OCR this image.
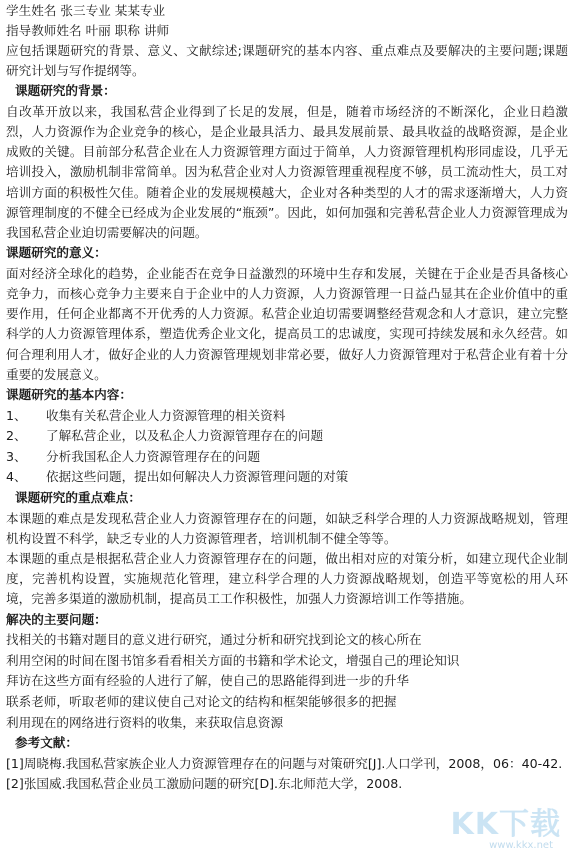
学生姓名 张三专业 某某专业
指导教师姓名 叶丽 职称 讲师
应包括课题研究的背景、意义、文献综述;课题研究的基本内容、重点难点及要解决的主要问题;课题研究计划与写作提纲等。
课题研究的背景：
自改革开放以来，我国私营企业得到了长足的发展，但是，随着市场经济的不断深化，企业日趋激烈，人力资源作为企业竞争的核心，是企业最具活力、最具发展前景、最具收益的战略资源，是企业成败的关键。目前部分私营企业在人力资源管理方面过于简单，人力资源管理机构形同虚设，几乎无培训投入，激励机制非常简单。因为私营企业对人力资源管理重视程度不够，员工流动性大，员工对培训方面的积极性欠佳。随着企业的发展规模越大，企业对各种类型的人才的需求逐渐增大，人力资源管理制度的不健全已经成为企业发展的“瓶颈”。因此，如何加强和完善私营企业人力资源管理成为我国私营企业迫切需要解决的问题。
课题研究的意义：
面对经济全球化的趋势，企业能否在竞争日益激烈的环境中生存和发展，关键在于企业是否具备核心竞争力，而核心竞争力主要来自于企业中的人力资源，人力资源管理一日益凸显其在企业价值中的重要作用，任何企业都离不开优秀的人力资源。私营企业迫切需要调整经营观念和人才意识，建立完整科学的人力资源管理体系，塑造优秀企业文化，提高员工的忠诚度，实现可持续发展和永久经营。如何合理利用人才，做好企业的人力资源管理规划非常必要，做好人力资源管理对于私营企业有着十分重要的发展意义。
课题研究的基本内容：
1、 收集有关私营企业人力资源管理的相关资料
2、 了解私营企业，以及私企人力资源管理存在的问题
3、 分析我国私企人力资源管理存在的问题
4、 依据这些问题，提出如何解决人力资源管理问题的对策
课题研究的重点难点：
本课题的难点是发现私营企业人力资源管理存在的问题，如缺乏科学合理的人力资源战略规划，管理机构设置不科学，缺乏专业的人力资源管理者，培训机制不健全等等。
本课题的重点是根据私营企业人力资源管理存在的问题，做出相对应的对策分析，如建立现代企业制度，完善机构设置，实施规范化管理，建立科学合理的人力资源战略规划，创造平等宽松的用人环境，完善多渠道的激励机制，提高员工工作积极性，加强人力资源培训工作等措施。
解决的主要问题：
找相关的书籍对题目的意义进行研究，通过分析和研究找到论文的核心所在
利用空闲的时间在图书馆多看看相关方面的书籍和学术论文，增强自己的理论知识
拜访在这些方面有经验的人进行了解，使自己的思路能得到进一步的升华
联系老师，听取老师的建议使自己对论文的结构和框架能够很多的把握
利用现在的网络进行资料的收集，来获取信息资源
参考文献：
[1]周晓梅.我国私营家族企业人力资源管理存在的问题与对策研究[J].人口学刊，2008，06：40-42.
[2]张国威.我国私营企业员工激励问题的研究[D].东北师范大学，2008.
KK下载
www.kkx.net
